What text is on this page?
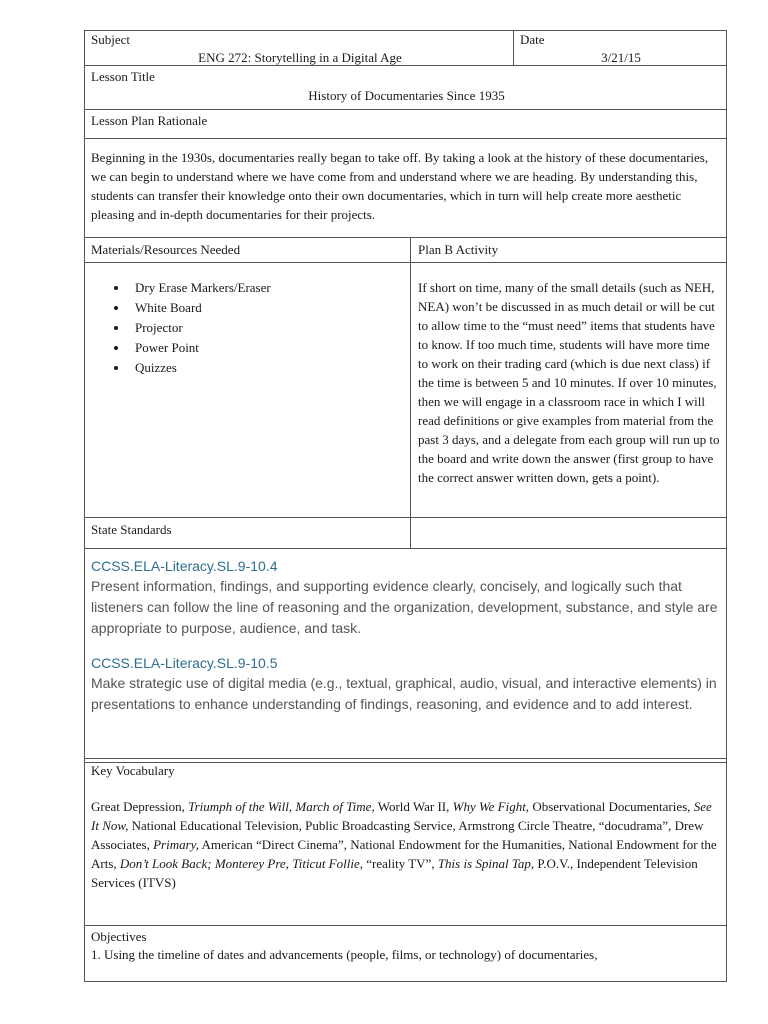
Subject
ENG 272: Storytelling in a Digital Age
Date
3/21/15
Lesson Title
History of Documentaries Since 1935
Lesson Plan Rationale
Beginning in the 1930s, documentaries really began to take off. By taking a look at the history of these documentaries, we can begin to understand where we have come from and understand where we are heading. By understanding this, students can transfer their knowledge onto their own documentaries, which in turn will help create more aesthetic pleasing and in-depth documentaries for their projects.
Materials/Resources Needed
• Dry Erase Markers/Eraser
• White Board
• Projector
• Power Point
• Quizzes
Plan B Activity
If short on time, many of the small details (such as NEH, NEA) won’t be discussed in as much detail or will be cut to allow time to the “must need” items that students have to know. If too much time, students will have more time to work on their trading card (which is due next class) if the time is between 5 and 10 minutes. If over 10 minutes, then we will engage in a classroom race in which I will read definitions or give examples from material from the past 3 days, and a delegate from each group will run up to the board and write down the answer (first group to have the correct answer written down, gets a point).
State Standards
CCSS.ELA-Literacy.SL.9-10.4
Present information, findings, and supporting evidence clearly, concisely, and logically such that listeners can follow the line of reasoning and the organization, development, substance, and style are appropriate to purpose, audience, and task.
CCSS.ELA-Literacy.SL.9-10.5
Make strategic use of digital media (e.g., textual, graphical, audio, visual, and interactive elements) in presentations to enhance understanding of findings, reasoning, and evidence and to add interest.
Key Vocabulary
Great Depression, Triumph of the Will, March of Time, World War II, Why We Fight, Observational Documentaries, See It Now, National Educational Television, Public Broadcasting Service, Armstrong Circle Theatre, “docudrama”, Drew Associates, Primary, American “Direct Cinema”, National Endowment for the Humanities, National Endowment for the Arts, Don’t Look Back; Monterey Pre, Titicut Follie, “reality TV”, This is Spinal Tap, P.O.V., Independent Television Services (ITVS)
Objectives
1. Using the timeline of dates and advancements (people, films, or technology) of documentaries,
